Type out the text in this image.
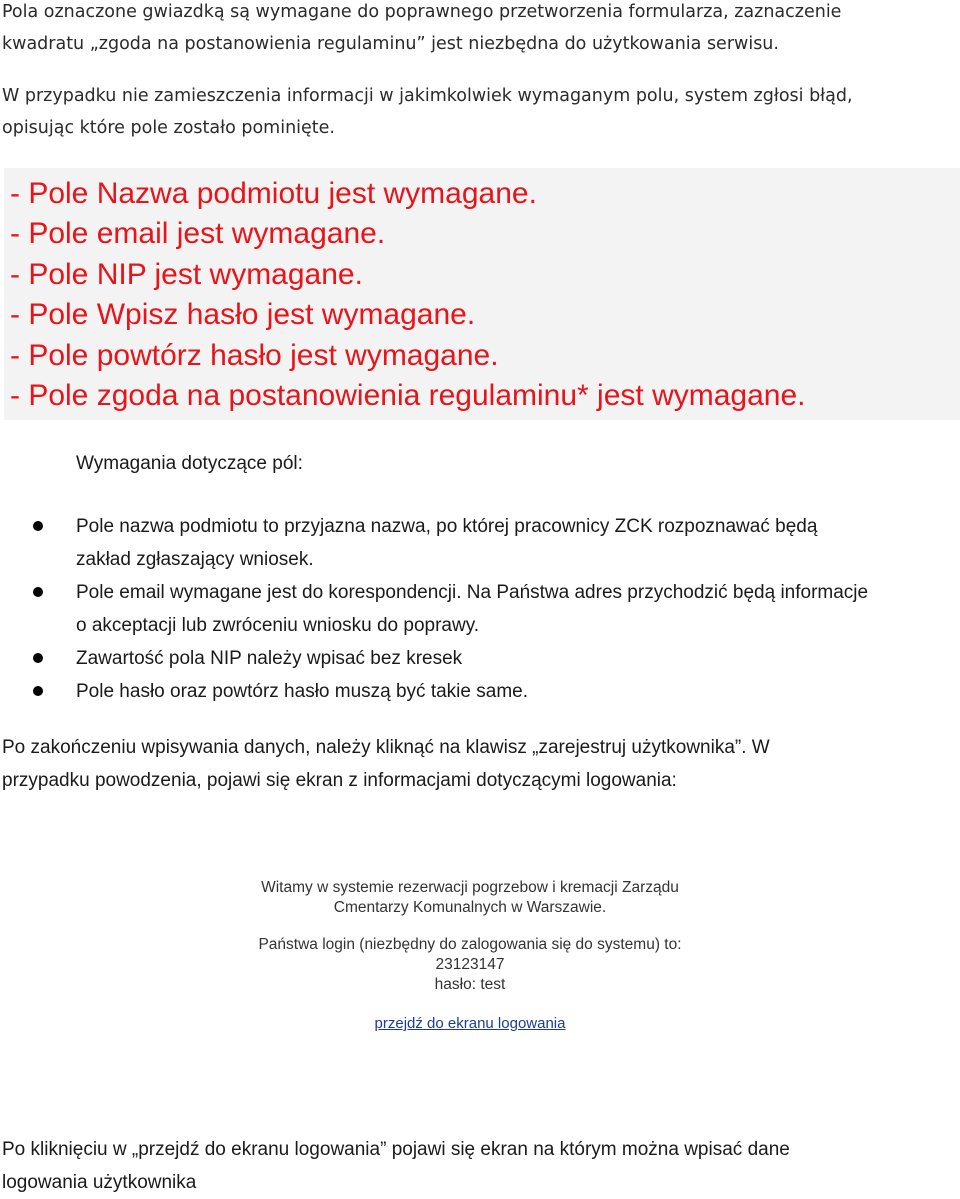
Pola oznaczone gwiazdką są wymagane do poprawnego przetworzenia formularza, zaznaczenie
kwadratu „zgoda na postanowienia regulaminu” jest niezbędna do użytkowania serwisu.
W przypadku nie zamieszczenia informacji w jakimkolwiek wymaganym polu, system zgłosi błąd,
opisując które pole zostało pominięte.
- Pole Nazwa podmiotu jest wymagane.
- Pole email jest wymagane.
- Pole NIP jest wymagane.
- Pole Wpisz hasło jest wymagane.
- Pole powtórz hasło jest wymagane.
- Pole zgoda na postanowienia regulaminu* jest wymagane.

Wymagania dotyczące pól:

Pole nazwa podmiotu to przyjazna nazwa, po której pracownicy ZCK rozpoznawać będą
zakład zgłaszający wniosek.
Pole email wymagane jest do korespondencji. Na Państwa adres przychodzić będą informacje
o akceptacji lub zwróceniu wniosku do poprawy.
Zawartość pola NIP należy wpisać bez kresek
Pole hasło oraz powtórz hasło muszą być takie same.
Po zakończeniu wpisywania danych, należy kliknąć na klawisz „zarejestruj użytkownika”. W
przypadku powodzenia, pojawi się ekran z informacjami dotyczącymi logowania:

Witamy w systemie rezerwacji pogrzebow i kremacji Zarządu
Cmentarzy Komunalnych w Warszawie.

Państwa login (niezbędny do zalogowania się do systemu) to:
23123147
hasło: test

przejdź do ekranu logowania
Po kliknięciu w „przejdź do ekranu logowania” pojawi się ekran na którym można wpisać dane
logowania użytkownika
